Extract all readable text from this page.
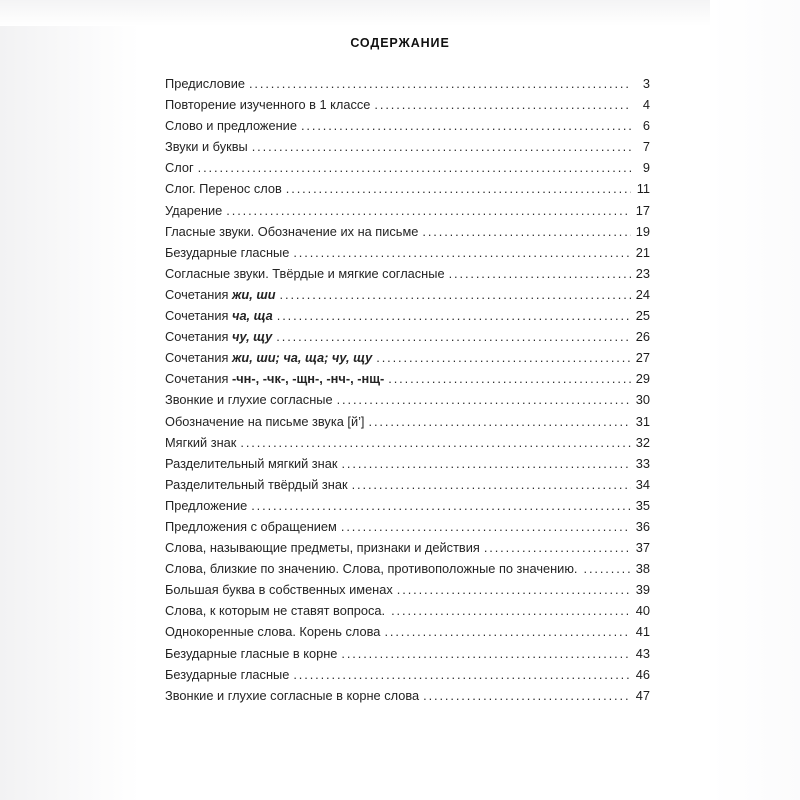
СОДЕРЖАНИЕ
Предисловие .....	3
Повторение изученного в 1 классе .....	4
Слово и предложение .....	6
Звуки и буквы .....	7
Слог .....	9
Слог. Перенос слов .....	11
Ударение .....	17
Гласные звуки. Обозначение их на письме .....	19
Безударные гласные .....	21
Согласные звуки. Твёрдые и мягкие согласные .....	23
Сочетания жи, ши .....	24
Сочетания ча, ща .....	25
Сочетания чу, щу .....	26
Сочетания жи, ши; ча, ща; чу, щу .....	27
Сочетания -чн-, -чк-, -щн-, -нч-, -нщ- .....	29
Звонкие и глухие согласные .....	30
Обозначение на письме звука [й’] .....	31
Мягкий знак .....	32
Разделительный мягкий знак .....	33
Разделительный твёрдый знак .....	34
Предложение .....	35
Предложения с обращением .....	36
Слова, называющие предметы, признаки и действия .....	37
Слова, близкие по значению. Слова, противоположные по значению. .....	38
Большая буква в собственных именах .....	39
Слова, к которым не ставят вопроса. .....	40
Однокоренные слова. Корень слова .....	41
Безударные гласные в корне .....	43
Безударные гласные .....	46
Звонкие и глухие согласные в корне слова .....	47
